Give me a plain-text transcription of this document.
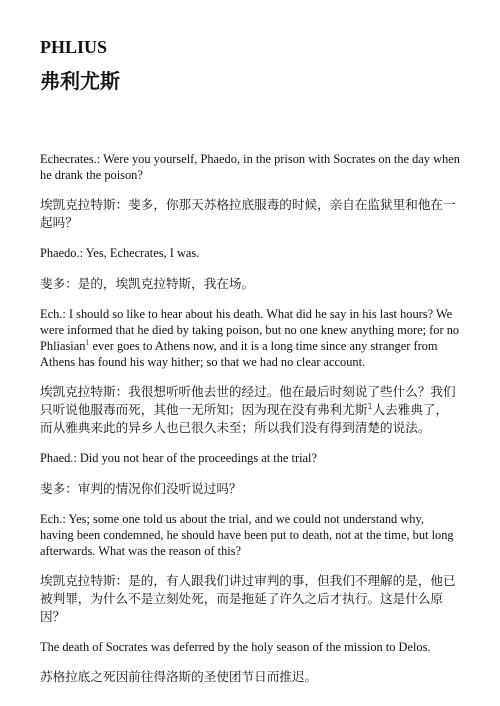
PHLIUS
弗利尤斯

Echecrates.: Were you yourself, Phaedo, in the prison with Socrates on the day when he drank the poison?

埃凯克拉特斯：斐多，你那天苏格拉底服毒的时候，亲自在监狱里和他在一起吗？

Phaedo.: Yes, Echecrates, I was.

斐多：是的，埃凯克拉特斯，我在场。

Ech.: I should so like to hear about his death. What did he say in his last hours? We were informed that he died by taking poison, but no one knew anything more; for no Phliasian$^1$ ever goes to Athens now, and it is a long time since any stranger from Athens has found his way hither; so that we had no clear account.

埃凯克拉特斯：我很想听听他去世的经过。他在最后时刻说了些什么？我们只听说他服毒而死，其他一无所知；因为现在没有弗利尤斯$^1$人去雅典了，而从雅典来此的异乡人也已很久未至；所以我们没有得到清楚的说法。

Phaed.: Did you not hear of the proceedings at the trial?

斐多：审判的情况你们没听说过吗？

Ech.: Yes; some one told us about the trial, and we could not understand why, having been condemned, he should have been put to death, not at the time, but long afterwards. What was the reason of this?

埃凯克拉特斯：是的，有人跟我们讲过审判的事，但我们不理解的是，他已被判罪，为什么不是立刻处死，而是拖延了许久之后才执行。这是什么原因？

The death of Socrates was deferred by the holy season of the mission to Delos.

苏格拉底之死因前往得洛斯的圣使团节日而推迟。
